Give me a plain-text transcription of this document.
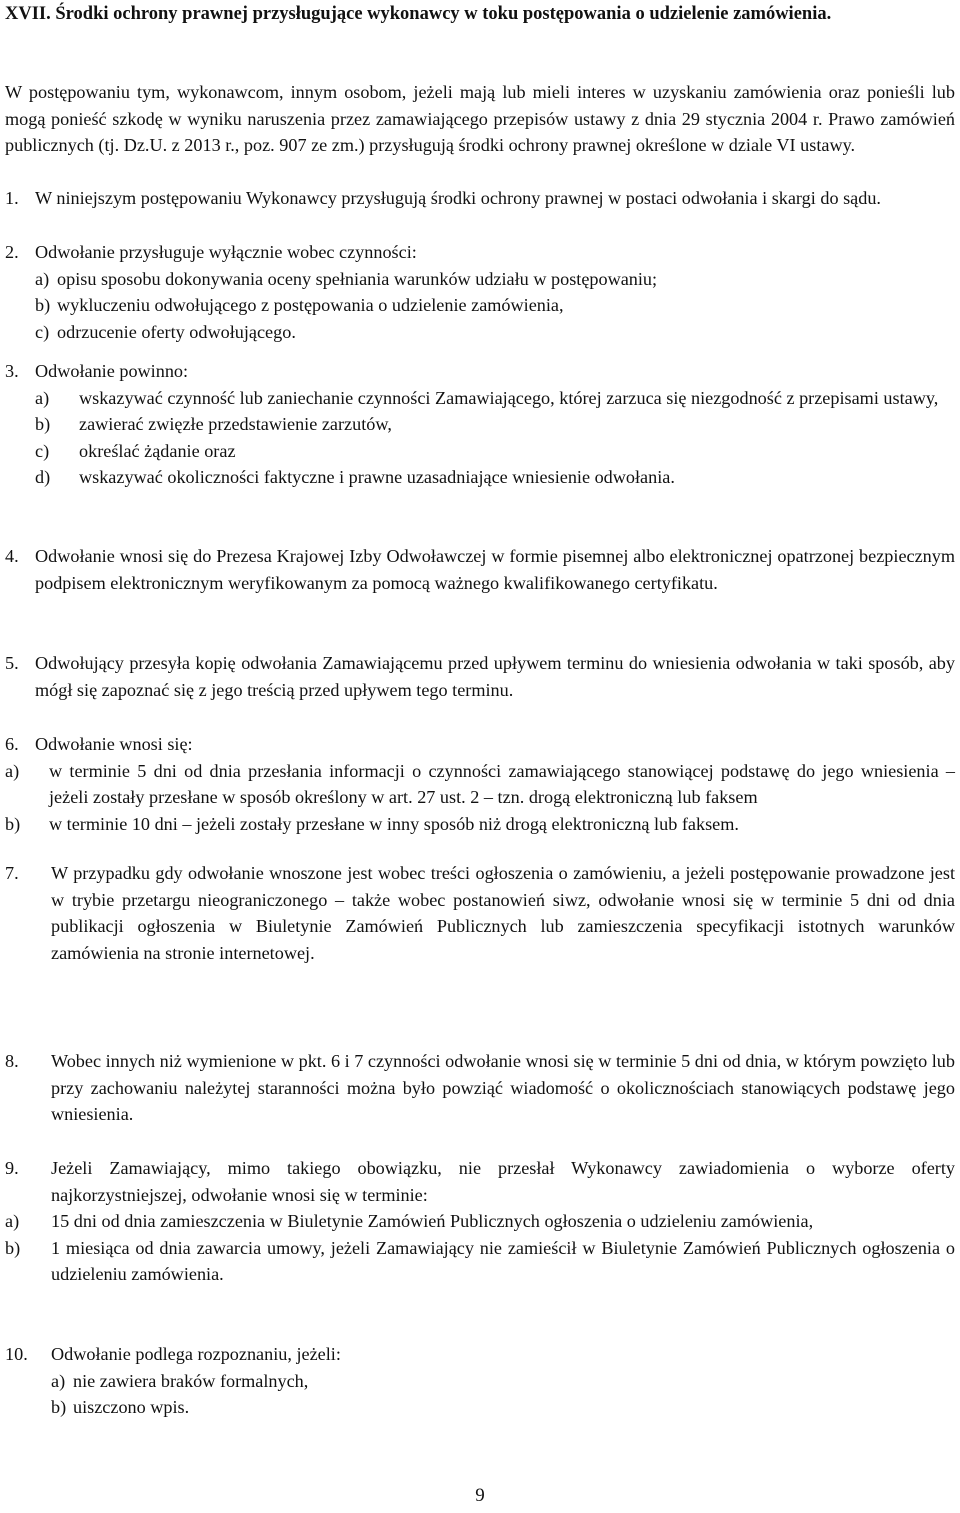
XVII. Środki ochrony prawnej przysługujące wykonawcy w toku postępowania o udzielenie zamówienia.
W postępowaniu tym, wykonawcom, innym osobom, jeżeli mają lub mieli interes w uzyskaniu zamówienia oraz ponieśli lub mogą ponieść szkodę w wyniku naruszenia przez zamawiającego przepisów ustawy z dnia 29 stycznia 2004 r. Prawo zamówień publicznych (tj. Dz.U. z 2013 r., poz. 907 ze zm.) przysługują środki ochrony prawnej określone w dziale VI ustawy.
1. W niniejszym postępowaniu Wykonawcy przysługują środki ochrony prawnej w postaci odwołania i skargi do sądu.
2. Odwołanie przysługuje wyłącznie wobec czynności:
a) opisu sposobu dokonywania oceny spełniania warunków udziału w postępowaniu;
b) wykluczeniu odwołującego z postępowania o udzielenie zamówienia,
c) odrzucenie oferty odwołującego.
3. Odwołanie powinno:
a)	wskazywać czynność lub zaniechanie czynności Zamawiającego, której zarzuca się niezgodność z przepisami ustawy,
b)	zawierać zwięzłe przedstawienie zarzutów,
c)	określać żądanie oraz
d)	wskazywać okoliczności faktyczne i prawne uzasadniające wniesienie odwołania.
4. Odwołanie wnosi się do Prezesa Krajowej Izby Odwoławczej w formie pisemnej albo elektronicznej opatrzonej bezpiecznym podpisem elektronicznym weryfikowanym za pomocą ważnego kwalifikowanego certyfikatu.
5. Odwołujący przesyła kopię odwołania Zamawiającemu przed upływem terminu do wniesienia odwołania w taki sposób, aby mógł się zapoznać się z jego treścią przed upływem tego terminu.
6. Odwołanie wnosi się:
a)	w terminie 5 dni od dnia przesłania informacji o czynności zamawiającego stanowiącej podstawę do jego wniesienia – jeżeli zostały przesłane w sposób określony w art. 27 ust. 2 – tzn. drogą elektroniczną lub faksem
b)	w terminie 10 dni – jeżeli zostały przesłane w inny sposób niż drogą elektroniczną lub faksem.
7.	W przypadku gdy odwołanie wnoszone jest wobec treści ogłoszenia o zamówieniu, a jeżeli postępowanie prowadzone jest w trybie przetargu nieograniczonego – także wobec postanowień siwz, odwołanie wnosi się w terminie 5 dni od dnia publikacji ogłoszenia w Biuletynie Zamówień Publicznych lub zamieszczenia specyfikacji istotnych warunków zamówienia na stronie internetowej.
8.	Wobec innych niż wymienione w pkt. 6 i 7 czynności odwołanie wnosi się w terminie 5 dni od dnia, w którym powzięto lub przy zachowaniu należytej staranności można było powziąć wiadomość o okolicznościach stanowiących podstawę jego wniesienia.
9.	Jeżeli Zamawiający, mimo takiego obowiązku, nie przesłał Wykonawcy zawiadomienia o wyborze oferty najkorzystniejszej, odwołanie wnosi się w terminie:
a)	15 dni od dnia zamieszczenia w Biuletynie Zamówień Publicznych ogłoszenia o udzieleniu zamówienia,
b)	1 miesiąca od dnia zawarcia umowy, jeżeli Zamawiający nie zamieścił w Biuletynie Zamówień Publicznych ogłoszenia o udzieleniu zamówienia.
10.	Odwołanie podlega rozpoznaniu, jeżeli:
a) nie zawiera braków formalnych,
b) uiszczono wpis.
9
